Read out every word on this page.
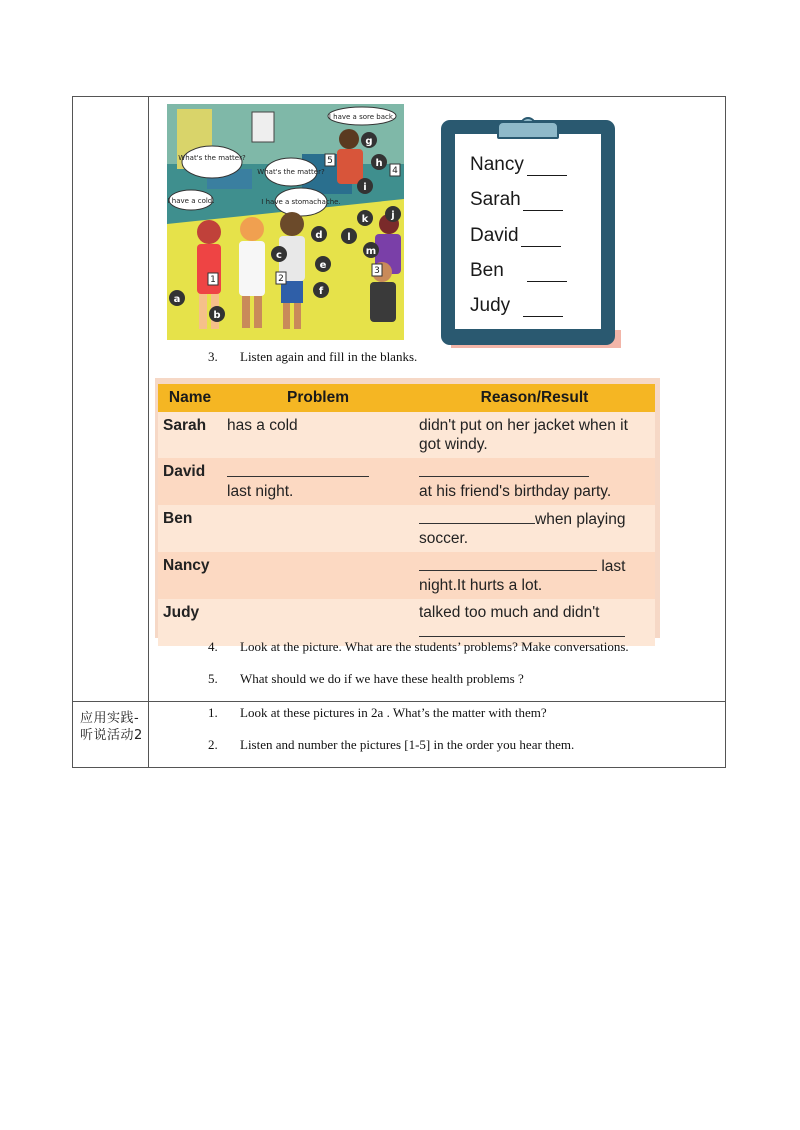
应用实践-听说活动2
What's the matter?
I have a cold.
What's the matter?
I have a stomachache.
I have a sore back.
a
b
c
d
e
f
g
h
i
j
k
l
m
1	2
3
4
5	Nancy
Sarah
David
Ben
Judy
3. Listen again and fill in the blanks.
Name	Problem	Reason/Result
Sarah	has a cold	didn't put on her jacket when it got windy.
David	last night.	at his friend's birthday party.
Ben		when playing soccer.
Nancy		last night.It hurts a lot.
Judy		talked too much and didn't

4. Look at the picture. What are the students’ problems? Make conversations.
5. What should we do if we have these health problems ?
1. Look at these pictures in 2a . What’s the matter with them?
2. Listen and number the pictures [1-5] in the order you hear them.
